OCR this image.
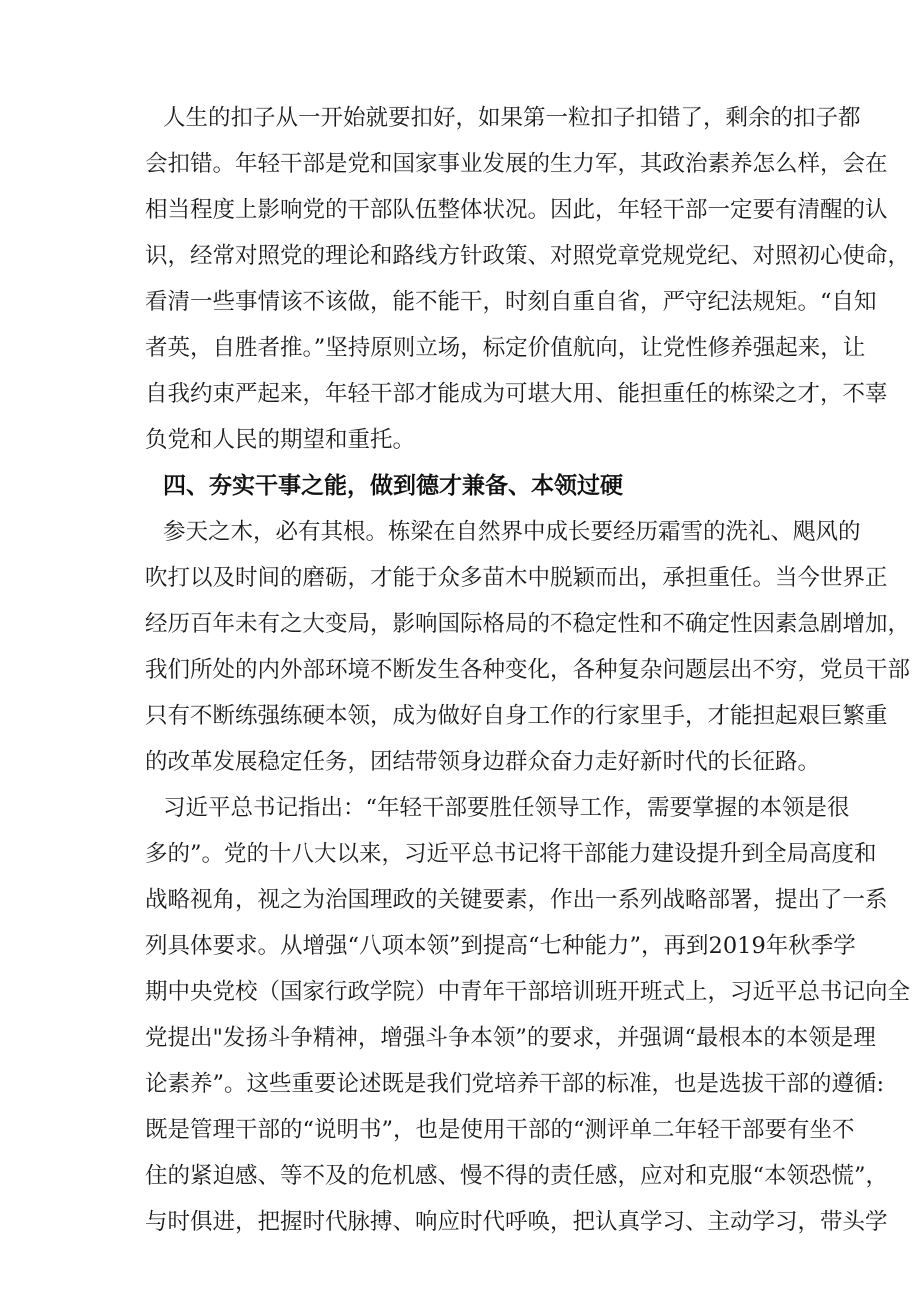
人生的扣子从一开始就要扣好，如果第一粒扣子扣错了，剩余的扣子都
会扣错。年轻干部是党和国家事业发展的生力军，其政治素养怎么样，会在
相当程度上影响党的干部队伍整体状况。因此，年轻干部一定要有清醒的认
识，经常对照党的理论和路线方针政策、对照党章党规党纪、对照初心使命，
看清一些事情该不该做，能不能干，时刻自重自省，严守纪法规矩。“自知
者英，自胜者推。”坚持原则立场，标定价值航向，让党性修养强起来，让
自我约束严起来，年轻干部才能成为可堪大用、能担重任的栋梁之才，不辜
负党和人民的期望和重托。
四、夯实干事之能，做到德才兼备、本领过硬
参天之木，必有其根。栋梁在自然界中成长要经历霜雪的洗礼、飓风的
吹打以及时间的磨砺，才能于众多苗木中脱颖而出，承担重任。当今世界正
经历百年未有之大变局，影响国际格局的不稳定性和不确定性因素急剧增加，
我们所处的内外部环境不断发生各种变化，各种复杂问题层出不穷，党员干部
只有不断练强练硬本领，成为做好自身工作的行家里手，才能担起艰巨繁重
的改革发展稳定任务，团结带领身边群众奋力走好新时代的长征路。
习近平总书记指出：“年轻干部要胜任领导工作，需要掌握的本领是很
多的”。党的十八大以来，习近平总书记将干部能力建设提升到全局高度和
战略视角，视之为治国理政的关键要素，作出一系列战略部署，提出了一系
列具体要求。从增强“八项本领”到提高“七种能力”，再到2019年秋季学
期中央党校（国家行政学院）中青年干部培训班开班式上，习近平总书记向全
党提出"发扬斗争精神，增强斗争本领”的要求，并强调“最根本的本领是理
论素养”。这些重要论述既是我们党培养干部的标准，也是选拔干部的遵循:
既是管理干部的“说明书”，也是使用干部的“测评单二年轻干部要有坐不
住的紧迫感、等不及的危机感、慢不得的责任感，应对和克服“本领恐慌”，
与时俱进，把握时代脉搏、响应时代呼唤，把认真学习、主动学习，带头学
